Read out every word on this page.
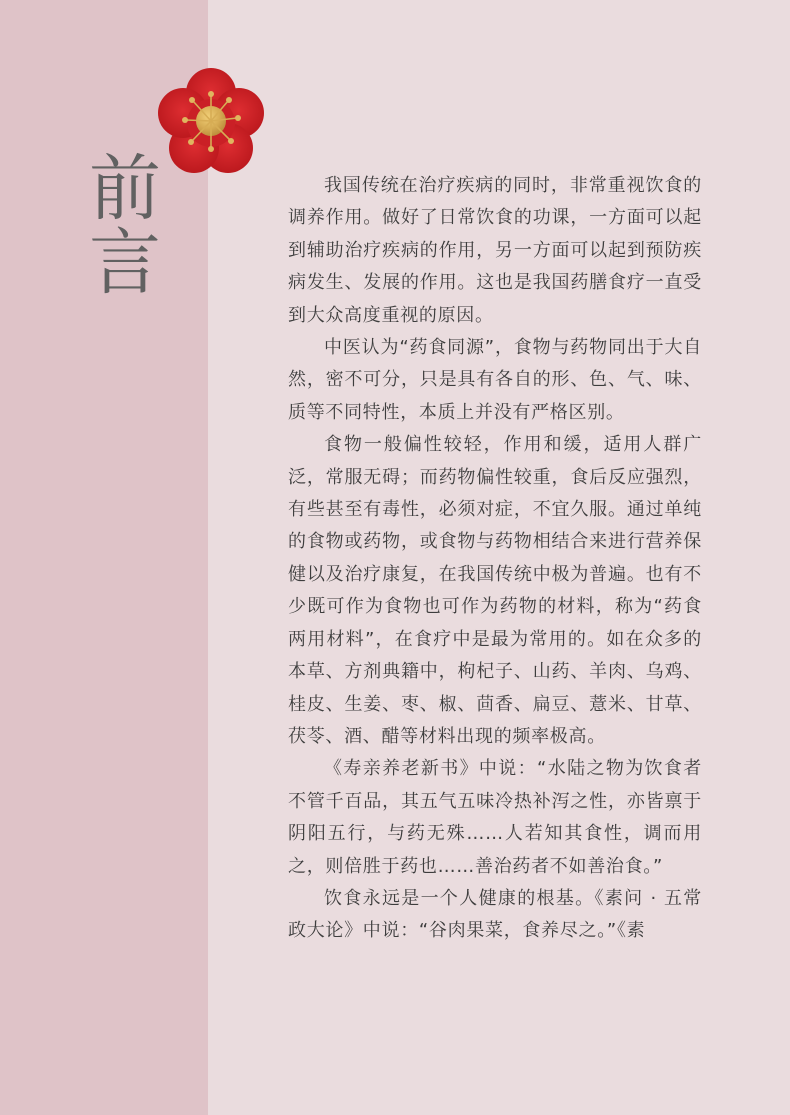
前言	我国传统在治疗疾病的同时，非常重视饮食的调养作用。做好了日常饮食的功课，一方面可以起到辅助治疗疾病的作用，另一方面可以起到预防疾病发生、发展的作用。这也是我国药膳食疗一直受到大众高度重视的原因。

中医认为“药食同源”，食物与药物同出于大自然，密不可分，只是具有各自的形、色、气、味、质等不同特性，本质上并没有严格区别。

食物一般偏性较轻，作用和缓，适用人群广泛，常服无碍；而药物偏性较重，食后反应强烈，有些甚至有毒性，必须对症，不宜久服。通过单纯的食物或药物，或食物与药物相结合来进行营养保健以及治疗康复，在我国传统中极为普遍。也有不少既可作为食物也可作为药物的材料，称为“药食两用材料”，在食疗中是最为常用的。如在众多的本草、方剂典籍中，枸杞子、山药、羊肉、乌鸡、桂皮、生姜、枣、椒、茴香、扁豆、薏米、甘草、茯苓、酒、醋等材料出现的频率极高。

《寿亲养老新书》中说：“水陆之物为饮食者不管千百品，其五气五味冷热补泻之性，亦皆禀于阴阳五行，与药无殊……人若知其食性，调而用之，则倍胜于药也……善治药者不如善治食。”

饮食永远是一个人健康的根基。《素问 · 五常政大论》中说：“谷肉果菜，食养尽之。”《素
